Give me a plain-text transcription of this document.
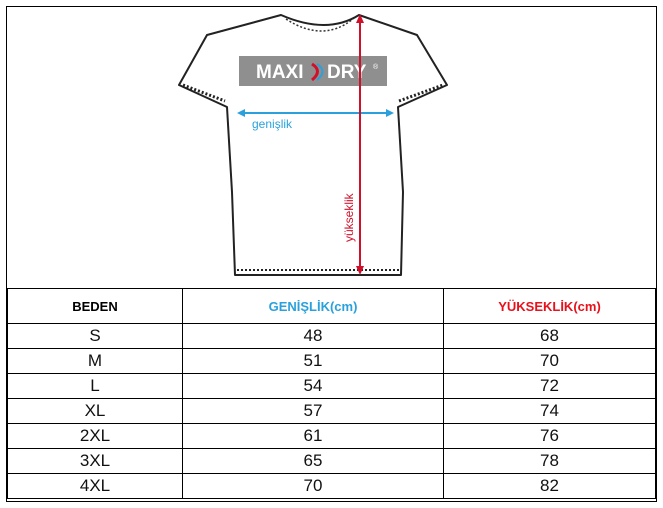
MAXI DRY ®
genişlik
yükseklik
BEDEN	GENİŞLİK(cm)	YÜKSEKLİK(cm)
S	48	68
M	51	70
L	54	72
XL	57	74
2XL	61	76
3XL	65	78
4XL	70	82
